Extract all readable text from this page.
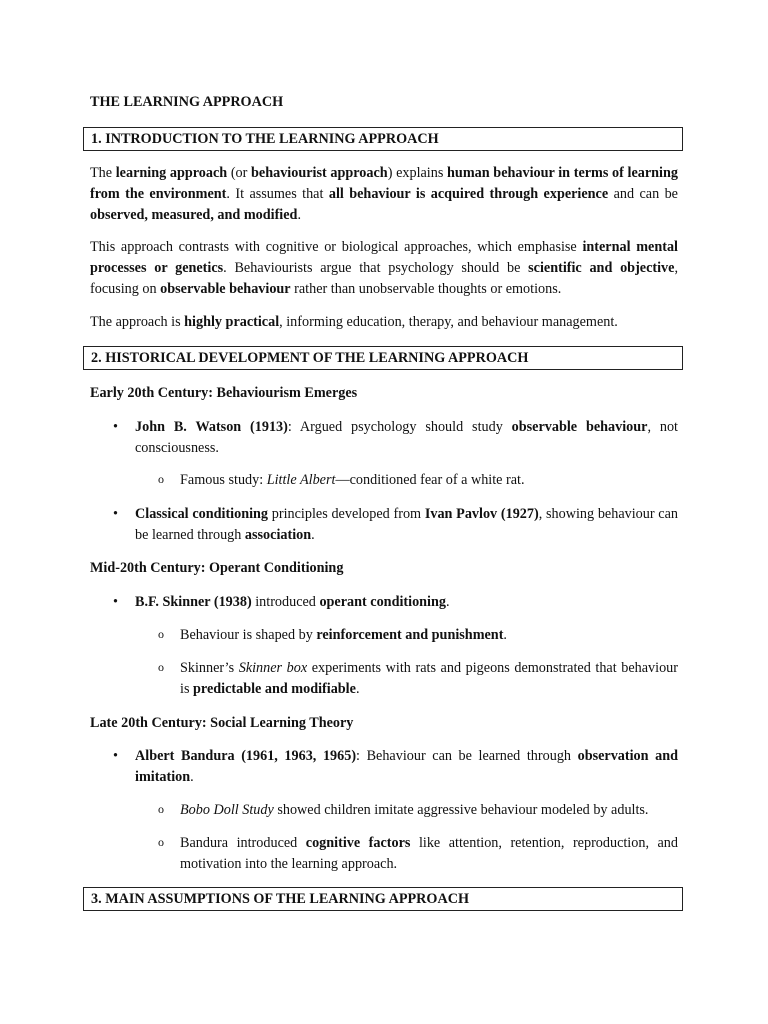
THE LEARNING APPROACH
1. INTRODUCTION TO THE LEARNING APPROACH

The learning approach (or behaviourist approach) explains human behaviour in terms of learning from the environment. It assumes that all behaviour is acquired through experience and can be observed, measured, and modified.

This approach contrasts with cognitive or biological approaches, which emphasise internal mental processes or genetics. Behaviourists argue that psychology should be scientific and objective, focusing on observable behaviour rather than unobservable thoughts or emotions.

The approach is highly practical, informing education, therapy, and behaviour management.

2. HISTORICAL DEVELOPMENT OF THE LEARNING APPROACH
Early 20th Century: Behaviourism Emerges

• John B. Watson (1913): Argued psychology should study observable behaviour, not consciousness.

o Famous study: Little Albert—conditioned fear of a white rat.

• Classical conditioning principles developed from Ivan Pavlov (1927), showing behaviour can be learned through association.

Mid-20th Century: Operant Conditioning

• B.F. Skinner (1938) introduced operant conditioning.

o Behaviour is shaped by reinforcement and punishment.

o Skinner’s Skinner box experiments with rats and pigeons demonstrated that behaviour is predictable and modifiable.

Late 20th Century: Social Learning Theory

• Albert Bandura (1961, 1963, 1965): Behaviour can be learned through observation and imitation.

o Bobo Doll Study showed children imitate aggressive behaviour modeled by adults.

o Bandura introduced cognitive factors like attention, retention, reproduction, and motivation into the learning approach.

3. MAIN ASSUMPTIONS OF THE LEARNING APPROACH
